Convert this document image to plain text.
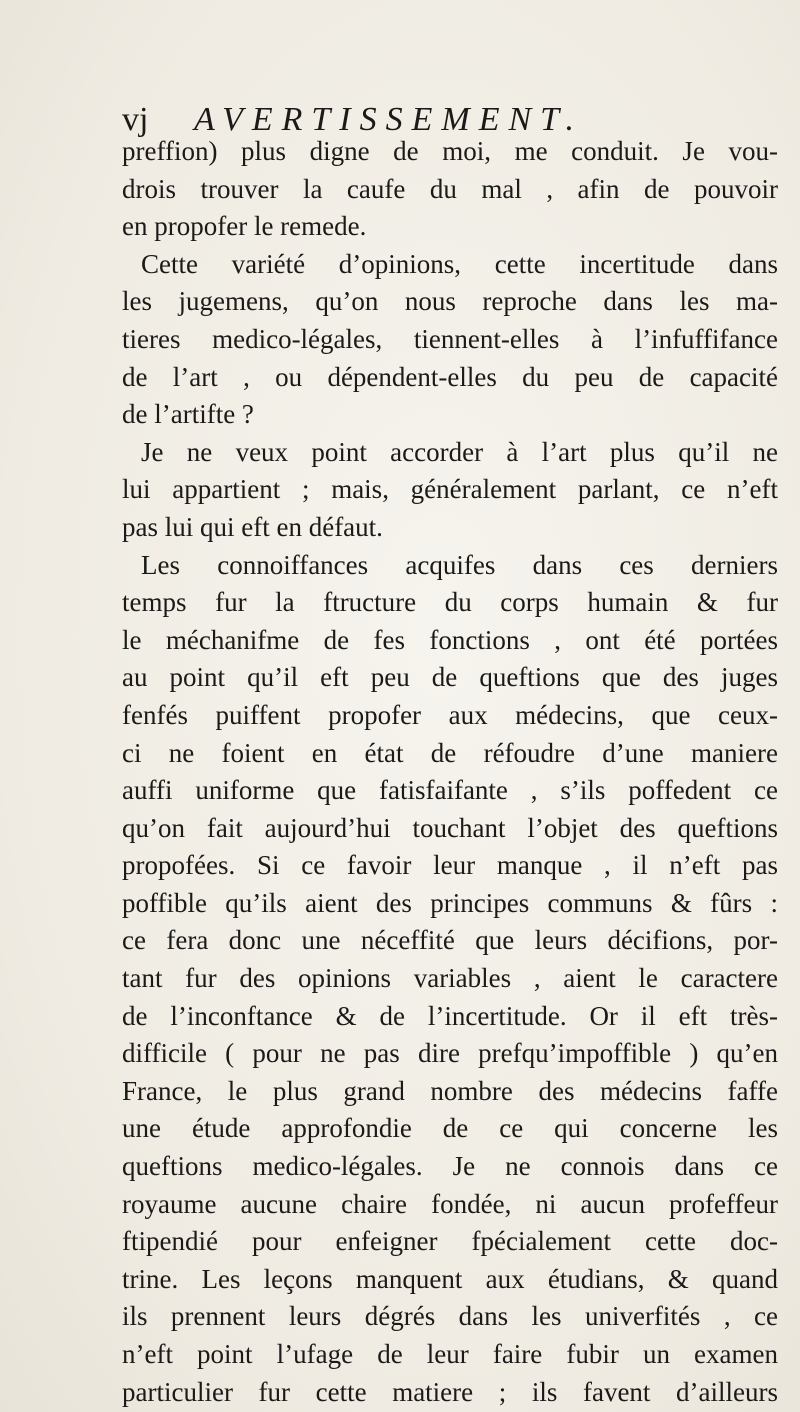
vj AVERTISSEMENT.
preffion) plus digne de moi, me conduit. Je vou-
drois trouver la caufe du mal , afin de pouvoir
en propofer le remede.
Cette variété d’opinions, cette incertitude dans
les jugemens, qu’on nous reproche dans les ma-
tieres medico-légales, tiennent-elles à l’infuffifance
de l’art , ou dépendent-elles du peu de capacité
de l’artifte ?
Je ne veux point accorder à l’art plus qu’il ne
lui appartient ; mais, généralement parlant, ce n’eft
pas lui qui eft en défaut.
Les connoiffances acquifes dans ces derniers
temps fur la ftructure du corps humain & fur
le méchanifme de fes fonctions , ont été portées
au point qu’il eft peu de queftions que des juges
fenfés puiffent propofer aux médecins, que ceux-
ci ne foient en état de réfoudre d’une maniere
auffi uniforme que fatisfaifante , s’ils poffedent ce
qu’on fait aujourd’hui touchant l’objet des queftions
propofées. Si ce favoir leur manque , il n’eft pas
poffible qu’ils aient des principes communs & fûrs :
ce fera donc une néceffité que leurs décifions, por-
tant fur des opinions variables , aient le caractere
de l’inconftance & de l’incertitude. Or il eft très-
difficile ( pour ne pas dire prefqu’impoffible ) qu’en
France, le plus grand nombre des médecins faffe
une étude approfondie de ce qui concerne les
queftions medico-légales. Je ne connois dans ce
royaume aucune chaire fondée, ni aucun profeffeur
ftipendié pour enfeigner fpécialement cette doc-
trine. Les leçons manquent aux étudians, & quand
ils prennent leurs dégrés dans les univerfités , ce
n’eft point l’ufage de leur faire fubir un examen
particulier fur cette matiere ; ils favent d’ailleurs
